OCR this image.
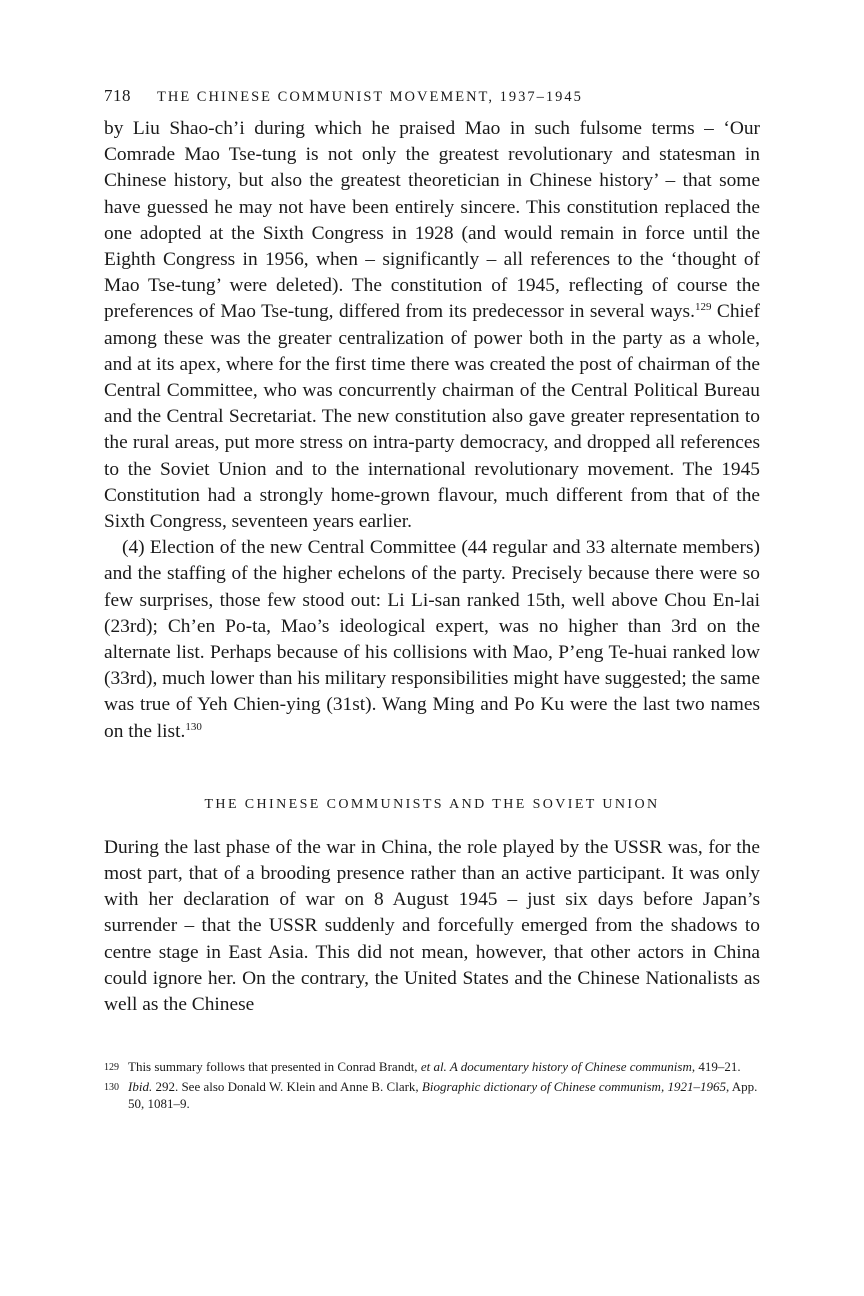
718 THE CHINESE COMMUNIST MOVEMENT, 1937–1945

by Liu Shao-ch’i during which he praised Mao in such fulsome terms – ‘Our Comrade Mao Tse-tung is not only the greatest revolutionary and statesman in Chinese history, but also the greatest theoretician in Chinese history’ – that some have guessed he may not have been entirely sincere. This constitution replaced the one adopted at the Sixth Congress in 1928 (and would remain in force until the Eighth Congress in 1956, when – significantly – all references to the ‘thought of Mao Tse-tung’ were deleted). The constitution of 1945, reflecting of course the preferences of Mao Tse-tung, differed from its predecessor in several ways.$^{129}$ Chief among these was the greater centralization of power both in the party as a whole, and at its apex, where for the first time there was created the post of chairman of the Central Committee, who was concurrently chairman of the Central Political Bureau and the Central Secretariat. The new constitution also gave greater representation to the rural areas, put more stress on intra-party democracy, and dropped all references to the Soviet Union and to the international revolutionary movement. The 1945 Constitution had a strongly home-grown flavour, much different from that of the Sixth Congress, seventeen years earlier.

(4) Election of the new Central Committee (44 regular and 33 alternate members) and the staffing of the higher echelons of the party. Precisely because there were so few surprises, those few stood out: Li Li-san ranked 15th, well above Chou En-lai (23rd); Ch’en Po-ta, Mao’s ideological expert, was no higher than 3rd on the alternate list. Perhaps because of his collisions with Mao, P’eng Te-huai ranked low (33rd), much lower than his military responsibilities might have suggested; the same was true of Yeh Chien-ying (31st). Wang Ming and Po Ku were the last two names on the list.$^{130}$

THE CHINESE COMMUNISTS AND THE SOVIET UNION

During the last phase of the war in China, the role played by the USSR was, for the most part, that of a brooding presence rather than an active participant. It was only with her declaration of war on 8 August 1945 – just six days before Japan’s surrender – that the USSR suddenly and forcefully emerged from the shadows to centre stage in East Asia. This did not mean, however, that other actors in China could ignore her. On the contrary, the United States and the Chinese Nationalists as well as the Chinese

129 This summary follows that presented in Conrad Brandt, et al. A documentary history of Chinese communism, 419–21.
130 Ibid. 292. See also Donald W. Klein and Anne B. Clark, Biographic dictionary of Chinese communism, 1921–1965, App. 50, 1081–9.
